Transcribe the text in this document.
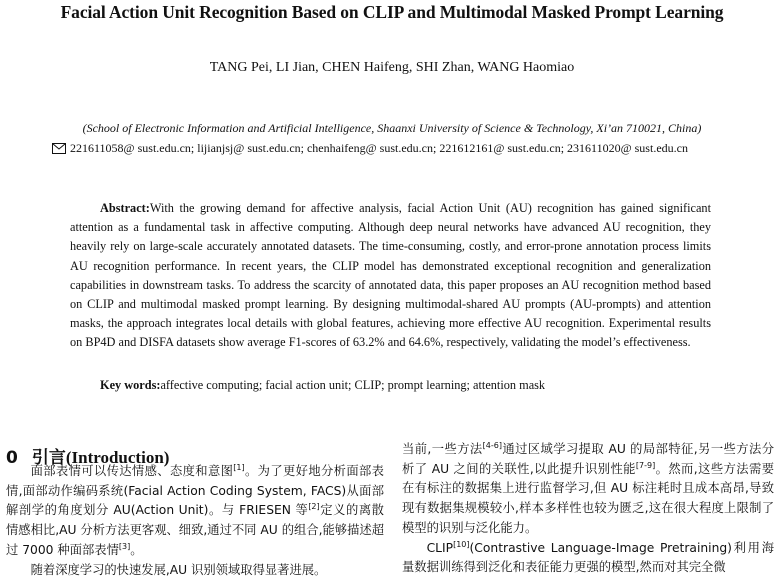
Facial Action Unit Recognition Based on CLIP and Multimodal Masked Prompt Learning
TANG Pei, LI Jian, CHEN Haifeng, SHI Zhan, WANG Haomiao
(School of Electronic Information and Artificial Intelligence, Shaanxi University of Science & Technology, Xi’an 710021, China)
221611058@ sust.edu.cn; lijianjsj@ sust.edu.cn; chenhaifeng@ sust.edu.cn; 221612161@ sust.edu.cn; 231611020@ sust.edu.cn
Abstract:With the growing demand for affective analysis, facial Action Unit (AU) recognition has gained significant attention as a fundamental task in affective computing. Although deep neural networks have advanced AU recognition, they heavily rely on large-scale accurately annotated datasets. The time-consuming, costly, and error-prone annotation process limits AU recognition performance. In recent years, the CLIP model has demonstrated exceptional recognition and generalization capabilities in downstream tasks. To address the scarcity of annotated data, this paper proposes an AU recognition method based on CLIP and multimodal masked prompt learning. By designing multimodal-shared AU prompts (AU-prompts) and attention masks, the approach integrates local details with global features, achieving more effective AU recognition. Experimental results on BP4D and DISFA datasets show average F1-scores of 63.2% and 64.6%, respectively, validating the model’s effectiveness.
Key words:affective computing; facial action unit; CLIP; prompt learning; attention mask
0 引言(Introduction)

面部表情可以传达情感、态度和意图[1]。为了更好地分析面部表情,面部动作编码系统(Facial Action Coding System, FACS)从面部解剖学的角度划分 AU(Action Unit)。与 FRIESEN 等[2]定义的离散情感相比,AU 分析方法更客观、细致,通过不同 AU 的组合,能够描述超过 7000 种面部表情[3]。

随着深度学习的快速发展,AU 识别领域取得显著进展。

当前,一些方法[4-6]通过区域学习提取 AU 的局部特征,另一些方法分析了 AU 之间的关联性,以此提升识别性能[7-9]。然而,这些方法需要在有标注的数据集上进行监督学习,但 AU 标注耗时且成本高昂,导致现有数据集规模较小,样本多样性也较为匮乏,这在很大程度上限制了模型的识别与泛化能力。

CLIP[10](Contrastive Language-Image Pretraining)利用海量数据训练得到泛化和表征能力更强的模型,然而对其完全微
